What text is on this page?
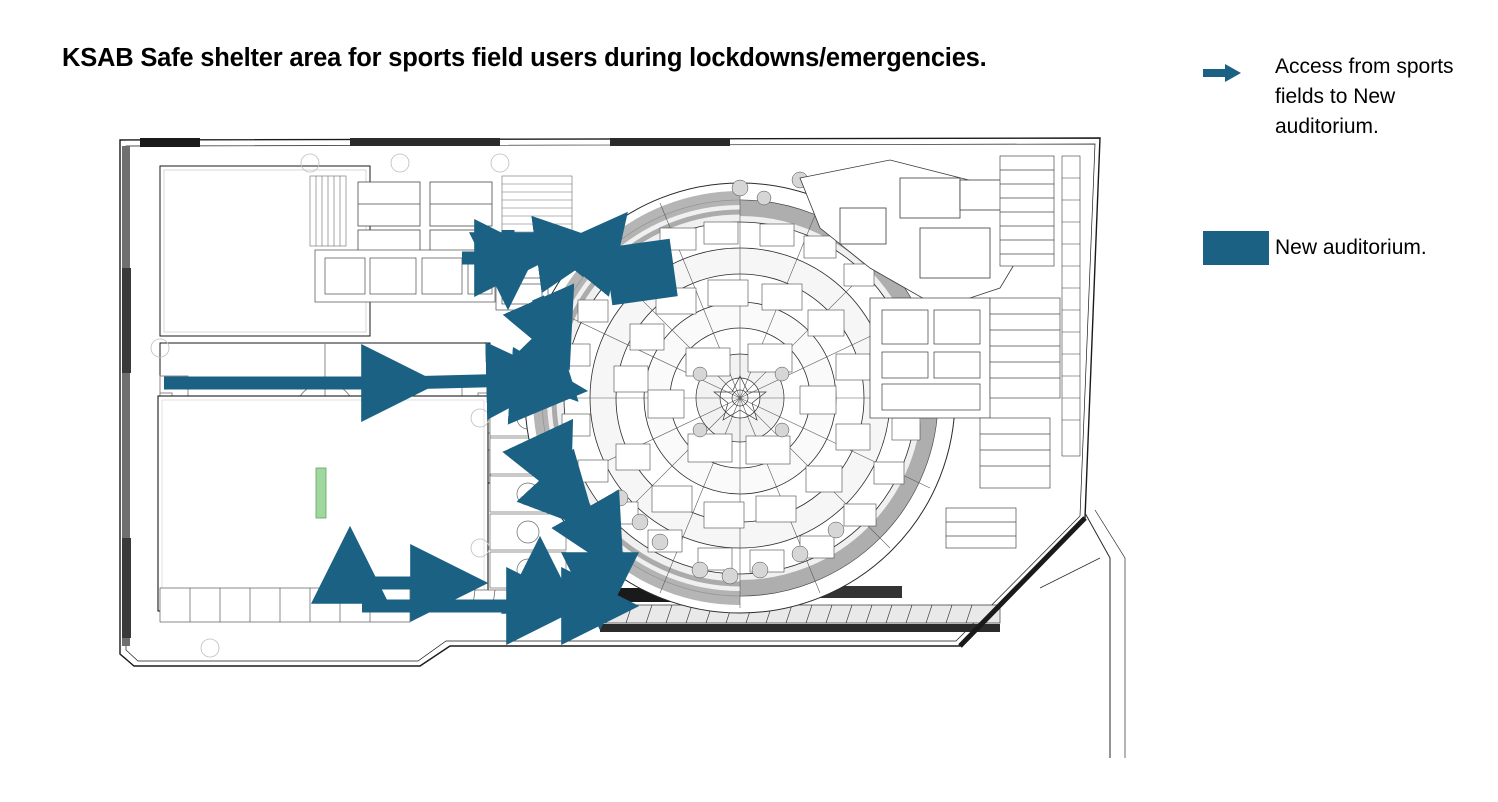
KSAB Safe shelter area for sports field users during lockdowns/emergencies.	Access from sports fields to New auditorium.
New auditorium.
